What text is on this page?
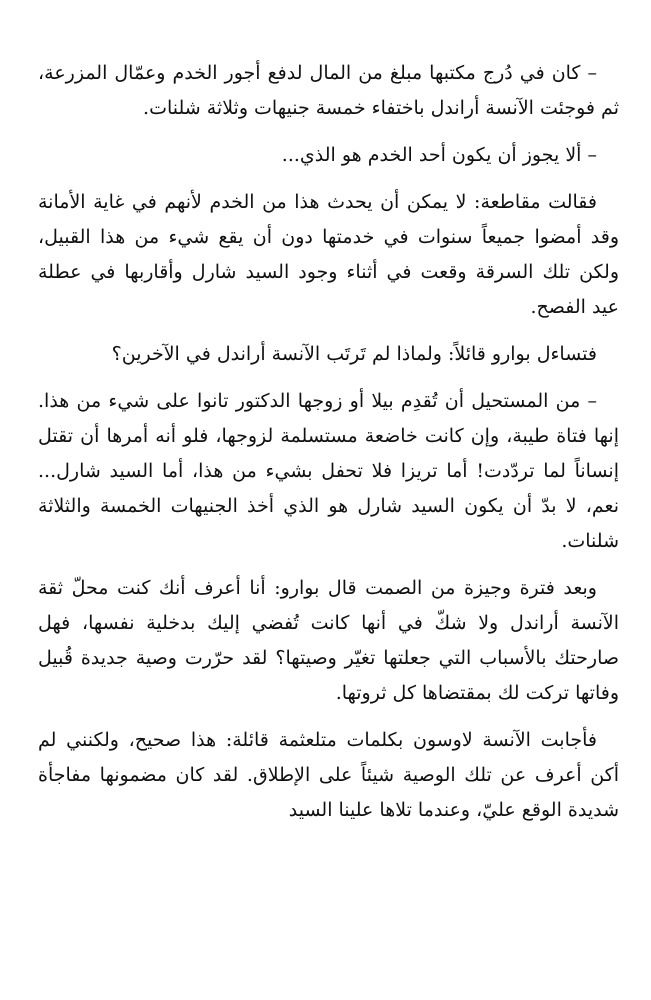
– كان في دُرج مكتبها مبلغ من المال لدفع أجور الخدم وعمّال المزرعة، ثم فوجئت الآنسة أراندل باختفاء خمسة جنيهات وثلاثة شلنات.

– ألا يجوز أن يكون أحد الخدم هو الذي...

فقالت مقاطعة: لا يمكن أن يحدث هذا من الخدم لأنهم في غاية الأمانة وقد أمضوا جميعاً سنوات في خدمتها دون أن يقع شيء من هذا القبيل، ولكن تلك السرقة وقعت في أثناء وجود السيد شارل وأقاربها في عطلة عيد الفصح.

فتساءل بوارو قائلاً: ولماذا لم تَرتَب الآنسة أراندل في الآخرين؟

– من المستحيل أن تُقدِم بيلا أو زوجها الدكتور تانوا على شيء من هذا. إنها فتاة طيبة، وإن كانت خاضعة مستسلمة لزوجها، فلو أنه أمرها أن تقتل إنساناً لما تردّدت! أما تريزا فلا تحفل بشيء من هذا، أما السيد شارل... نعم، لا بدّ أن يكون السيد شارل هو الذي أخذ الجنيهات الخمسة والثلاثة شلنات.

وبعد فترة وجيزة من الصمت قال بوارو: أنا أعرف أنك كنت محلّ ثقة الآنسة أراندل ولا شكّ في أنها كانت تُفضي إليك بدخلية نفسها، فهل صارحتك بالأسباب التي جعلتها تغيّر وصيتها؟ لقد حرّرت وصية جديدة قُبيل وفاتها تركت لك بمقتضاها كل ثروتها.

فأجابت الآنسة لاوسون بكلمات متلعثمة قائلة: هذا صحيح، ولكنني لم أكن أعرف عن تلك الوصية شيئاً على الإطلاق. لقد كان مضمونها مفاجأة شديدة الوقع عليّ، وعندما تلاها علينا السيد
